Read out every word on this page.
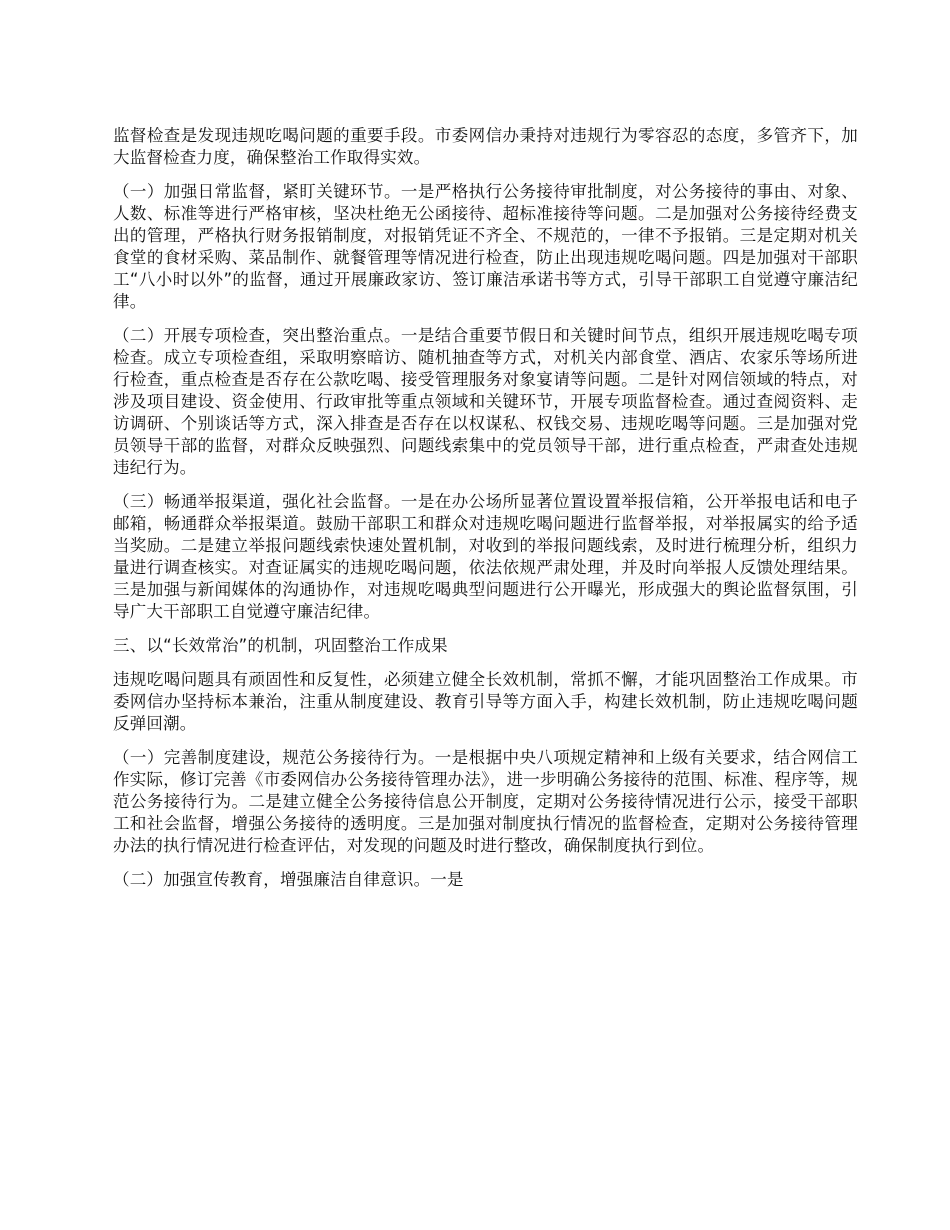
监督检查是发现违规吃喝问题的重要手段。市委网信办秉持对违规行为零容忍的态度，多管齐下，加大监督检查力度，确保整治工作取得实效。

（一）加强日常监督，紧盯关键环节。一是严格执行公务接待审批制度，对公务接待的事由、对象、人数、标准等进行严格审核，坚决杜绝无公函接待、超标准接待等问题。二是加强对公务接待经费支出的管理，严格执行财务报销制度，对报销凭证不齐全、不规范的，一律不予报销。三是定期对机关食堂的食材采购、菜品制作、就餐管理等情况进行检查，防止出现违规吃喝问题。四是加强对干部职工“八小时以外”的监督，通过开展廉政家访、签订廉洁承诺书等方式，引导干部职工自觉遵守廉洁纪律。

（二）开展专项检查，突出整治重点。一是结合重要节假日和关键时间节点，组织开展违规吃喝专项检查。成立专项检查组，采取明察暗访、随机抽查等方式，对机关内部食堂、酒店、农家乐等场所进行检查，重点检查是否存在公款吃喝、接受管理服务对象宴请等问题。二是针对网信领域的特点，对涉及项目建设、资金使用、行政审批等重点领域和关键环节，开展专项监督检查。通过查阅资料、走访调研、个别谈话等方式，深入排查是否存在以权谋私、权钱交易、违规吃喝等问题。三是加强对党员领导干部的监督，对群众反映强烈、问题线索集中的党员领导干部，进行重点检查，严肃查处违规违纪行为。

（三）畅通举报渠道，强化社会监督。一是在办公场所显著位置设置举报信箱，公开举报电话和电子邮箱，畅通群众举报渠道。鼓励干部职工和群众对违规吃喝问题进行监督举报，对举报属实的给予适当奖励。二是建立举报问题线索快速处置机制，对收到的举报问题线索，及时进行梳理分析，组织力量进行调查核实。对查证属实的违规吃喝问题，依法依规严肃处理，并及时向举报人反馈处理结果。三是加强与新闻媒体的沟通协作，对违规吃喝典型问题进行公开曝光，形成强大的舆论监督氛围，引导广大干部职工自觉遵守廉洁纪律。

三、以“长效常治”的机制，巩固整治工作成果

违规吃喝问题具有顽固性和反复性，必须建立健全长效机制，常抓不懈，才能巩固整治工作成果。市委网信办坚持标本兼治，注重从制度建设、教育引导等方面入手，构建长效机制，防止违规吃喝问题反弹回潮。

（一）完善制度建设，规范公务接待行为。一是根据中央八项规定精神和上级有关要求，结合网信工作实际，修订完善《市委网信办公务接待管理办法》，进一步明确公务接待的范围、标准、程序等，规范公务接待行为。二是建立健全公务接待信息公开制度，定期对公务接待情况进行公示，接受干部职工和社会监督，增强公务接待的透明度。三是加强对制度执行情况的监督检查，定期对公务接待管理办法的执行情况进行检查评估，对发现的问题及时进行整改，确保制度执行到位。

（二）加强宣传教育，增强廉洁自律意识。一是
